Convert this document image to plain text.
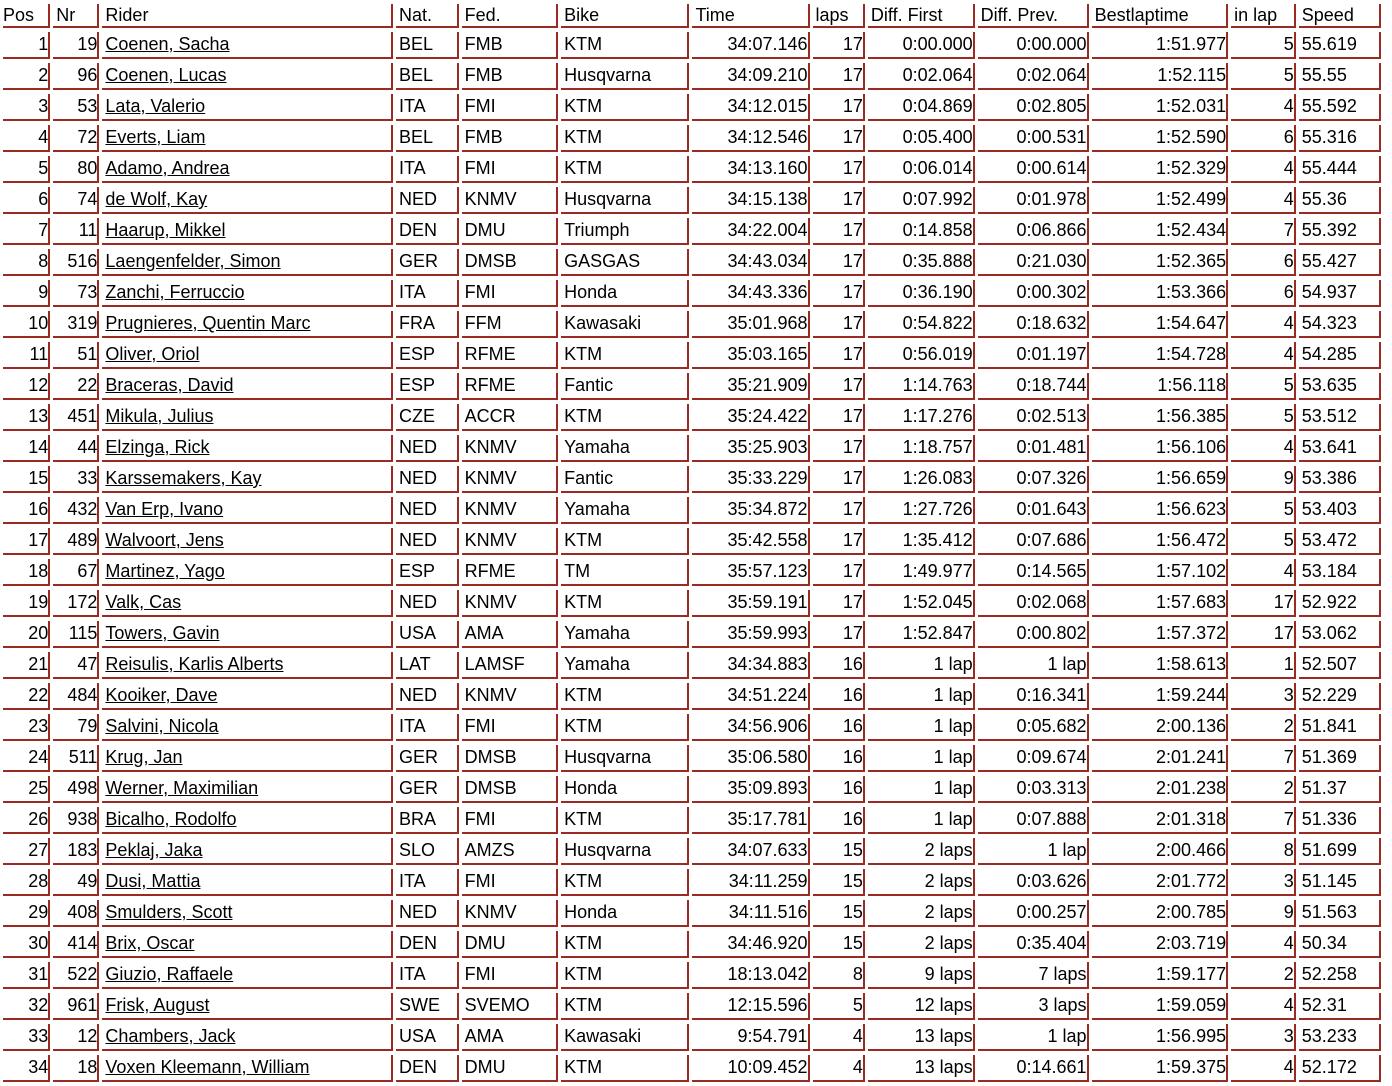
Pos	Nr	Rider	Nat.	Fed.	Bike	Time	laps	Diff. First	Diff. Prev.	Bestlaptime	in lap	Speed
1	19	Coenen, Sacha	BEL	FMB	KTM	34:07.146	17	0:00.000	0:00.000	1:51.977	5	55.619
2	96	Coenen, Lucas	BEL	FMB	Husqvarna	34:09.210	17	0:02.064	0:02.064	1:52.115	5	55.55
3	53	Lata, Valerio	ITA	FMI	KTM	34:12.015	17	0:04.869	0:02.805	1:52.031	4	55.592
4	72	Everts, Liam	BEL	FMB	KTM	34:12.546	17	0:05.400	0:00.531	1:52.590	6	55.316
5	80	Adamo, Andrea	ITA	FMI	KTM	34:13.160	17	0:06.014	0:00.614	1:52.329	4	55.444
6	74	de Wolf, Kay	NED	KNMV	Husqvarna	34:15.138	17	0:07.992	0:01.978	1:52.499	4	55.36
7	11	Haarup, Mikkel	DEN	DMU	Triumph	34:22.004	17	0:14.858	0:06.866	1:52.434	7	55.392
8	516	Laengenfelder, Simon	GER	DMSB	GASGAS	34:43.034	17	0:35.888	0:21.030	1:52.365	6	55.427
9	73	Zanchi, Ferruccio	ITA	FMI	Honda	34:43.336	17	0:36.190	0:00.302	1:53.366	6	54.937
10	319	Prugnieres, Quentin Marc	FRA	FFM	Kawasaki	35:01.968	17	0:54.822	0:18.632	1:54.647	4	54.323
11	51	Oliver, Oriol	ESP	RFME	KTM	35:03.165	17	0:56.019	0:01.197	1:54.728	4	54.285
12	22	Braceras, David	ESP	RFME	Fantic	35:21.909	17	1:14.763	0:18.744	1:56.118	5	53.635
13	451	Mikula, Julius	CZE	ACCR	KTM	35:24.422	17	1:17.276	0:02.513	1:56.385	5	53.512
14	44	Elzinga, Rick	NED	KNMV	Yamaha	35:25.903	17	1:18.757	0:01.481	1:56.106	4	53.641
15	33	Karssemakers, Kay	NED	KNMV	Fantic	35:33.229	17	1:26.083	0:07.326	1:56.659	9	53.386
16	432	Van Erp, Ivano	NED	KNMV	Yamaha	35:34.872	17	1:27.726	0:01.643	1:56.623	5	53.403
17	489	Walvoort, Jens	NED	KNMV	KTM	35:42.558	17	1:35.412	0:07.686	1:56.472	5	53.472
18	67	Martinez, Yago	ESP	RFME	TM	35:57.123	17	1:49.977	0:14.565	1:57.102	4	53.184
19	172	Valk, Cas	NED	KNMV	KTM	35:59.191	17	1:52.045	0:02.068	1:57.683	17	52.922
20	115	Towers, Gavin	USA	AMA	Yamaha	35:59.993	17	1:52.847	0:00.802	1:57.372	17	53.062
21	47	Reisulis, Karlis Alberts	LAT	LAMSF	Yamaha	34:34.883	16	1 lap	1 lap	1:58.613	1	52.507
22	484	Kooiker, Dave	NED	KNMV	KTM	34:51.224	16	1 lap	0:16.341	1:59.244	3	52.229
23	79	Salvini, Nicola	ITA	FMI	KTM	34:56.906	16	1 lap	0:05.682	2:00.136	2	51.841
24	511	Krug, Jan	GER	DMSB	Husqvarna	35:06.580	16	1 lap	0:09.674	2:01.241	7	51.369
25	498	Werner, Maximilian	GER	DMSB	Honda	35:09.893	16	1 lap	0:03.313	2:01.238	2	51.37
26	938	Bicalho, Rodolfo	BRA	FMI	KTM	35:17.781	16	1 lap	0:07.888	2:01.318	7	51.336
27	183	Peklaj, Jaka	SLO	AMZS	Husqvarna	34:07.633	15	2 laps	1 lap	2:00.466	8	51.699
28	49	Dusi, Mattia	ITA	FMI	KTM	34:11.259	15	2 laps	0:03.626	2:01.772	3	51.145
29	408	Smulders, Scott	NED	KNMV	Honda	34:11.516	15	2 laps	0:00.257	2:00.785	9	51.563
30	414	Brix, Oscar	DEN	DMU	KTM	34:46.920	15	2 laps	0:35.404	2:03.719	4	50.34
31	522	Giuzio, Raffaele	ITA	FMI	KTM	18:13.042	8	9 laps	7 laps	1:59.177	2	52.258
32	961	Frisk, August	SWE	SVEMO	KTM	12:15.596	5	12 laps	3 laps	1:59.059	4	52.31
33	12	Chambers, Jack	USA	AMA	Kawasaki	9:54.791	4	13 laps	1 lap	1:56.995	3	53.233
34	18	Voxen Kleemann, William	DEN	DMU	KTM	10:09.452	4	13 laps	0:14.661	1:59.375	4	52.172
